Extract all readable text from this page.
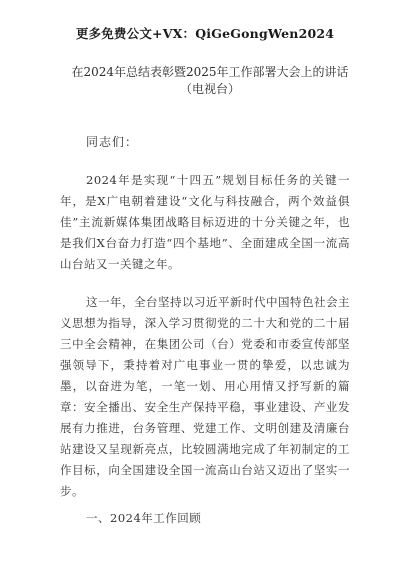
更多免费公文+VX：QiGeGongWen2024
在2024年总结表彰暨2025年工作部署大会上的讲话（电视台）
同志们：
2024年是实现“十四五”规划目标任务的关键一年，是X广电朝着建设“文化与科技融合，两个效益俱佳”主流新媒体集团战略目标迈进的十分关键之年，也是我们X台奋力打造“四个基地”、全面建成全国一流高山台站又一关键之年。
这一年，全台坚持以习近平新时代中国特色社会主义思想为指导，深入学习贯彻党的二十大和党的二十届三中全会精神，在集团公司（台）党委和市委宣传部坚强领导下，秉持着对广电事业一贯的挚爱，以忠诚为墨，以奋进为笔，一笔一划、用心用情又抒写新的篇章：安全播出、安全生产保持平稳，事业建设、产业发展有力推进，台务管理、党建工作、文明创建及清廉台站建设又呈现新亮点，比较圆满地完成了年初制定的工作目标，向全国建设全国一流高山台站又迈出了坚实一步。
一、2024年工作回顾
